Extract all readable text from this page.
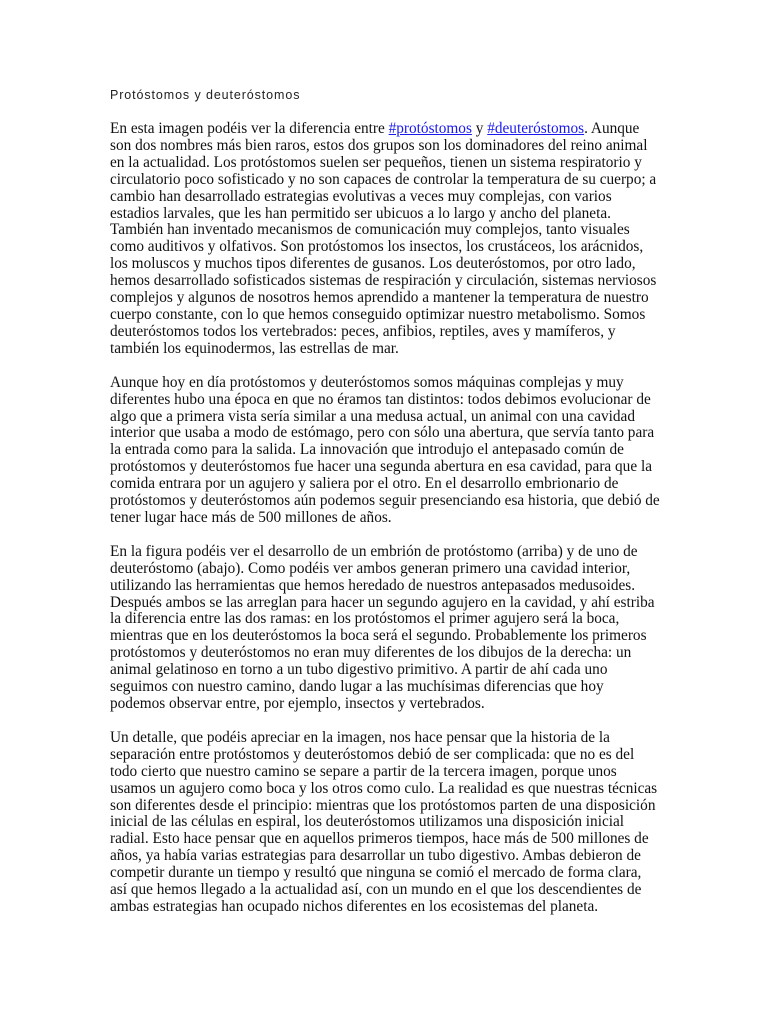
Protóstomos y deuteróstomos

En esta imagen podéis ver la diferencia entre #protóstomos y #deuteróstomos. Aunque son dos nombres más bien raros, estos dos grupos son los dominadores del reino animal en la actualidad. Los protóstomos suelen ser pequeños, tienen un sistema respiratorio y circulatorio poco sofisticado y no son capaces de controlar la temperatura de su cuerpo; a cambio han desarrollado estrategias evolutivas a veces muy complejas, con varios estadios larvales, que les han permitido ser ubicuos a lo largo y ancho del planeta. También han inventado mecanismos de comunicación muy complejos, tanto visuales como auditivos y olfativos. Son protóstomos los insectos, los crustáceos, los arácnidos, los moluscos y muchos tipos diferentes de gusanos. Los deuteróstomos, por otro lado, hemos desarrollado sofisticados sistemas de respiración y circulación, sistemas nerviosos complejos y algunos de nosotros hemos aprendido a mantener la temperatura de nuestro cuerpo constante, con lo que hemos conseguido optimizar nuestro metabolismo. Somos deuteróstomos todos los vertebrados: peces, anfibios, reptiles, aves y mamíferos, y también los equinodermos, las estrellas de mar.

Aunque hoy en día protóstomos y deuteróstomos somos máquinas complejas y muy diferentes hubo una época en que no éramos tan distintos: todos debimos evolucionar de algo que a primera vista sería similar a una medusa actual, un animal con una cavidad interior que usaba a modo de estómago, pero con sólo una abertura, que servía tanto para la entrada como para la salida. La innovación que introdujo el antepasado común de protóstomos y deuteróstomos fue hacer una segunda abertura en esa cavidad, para que la comida entrara por un agujero y saliera por el otro. En el desarrollo embrionario de protóstomos y deuteróstomos aún podemos seguir presenciando esa historia, que debió de tener lugar hace más de 500 millones de años.

En la figura podéis ver el desarrollo de un embrión de protóstomo (arriba) y de uno de deuteróstomo (abajo). Como podéis ver ambos generan primero una cavidad interior, utilizando las herramientas que hemos heredado de nuestros antepasados medusoides. Después ambos se las arreglan para hacer un segundo agujero en la cavidad, y ahí estriba la diferencia entre las dos ramas: en los protóstomos el primer agujero será la boca, mientras que en los deuteróstomos la boca será el segundo. Probablemente los primeros protóstomos y deuteróstomos no eran muy diferentes de los dibujos de la derecha: un animal gelatinoso en torno a un tubo digestivo primitivo. A partir de ahí cada uno seguimos con nuestro camino, dando lugar a las muchísimas diferencias que hoy podemos observar entre, por ejemplo, insectos y vertebrados.

Un detalle, que podéis apreciar en la imagen, nos hace pensar que la historia de la separación entre protóstomos y deuteróstomos debió de ser complicada: que no es del todo cierto que nuestro camino se separe a partir de la tercera imagen, porque unos usamos un agujero como boca y los otros como culo. La realidad es que nuestras técnicas son diferentes desde el principio: mientras que los protóstomos parten de una disposición inicial de las células en espiral, los deuteróstomos utilizamos una disposición inicial radial. Esto hace pensar que en aquellos primeros tiempos, hace más de 500 millones de años, ya había varias estrategias para desarrollar un tubo digestivo. Ambas debieron de competir durante un tiempo y resultó que ninguna se comió el mercado de forma clara, así que hemos llegado a la actualidad así, con un mundo en el que los descendientes de ambas estrategias han ocupado nichos diferentes en los ecosistemas del planeta.
